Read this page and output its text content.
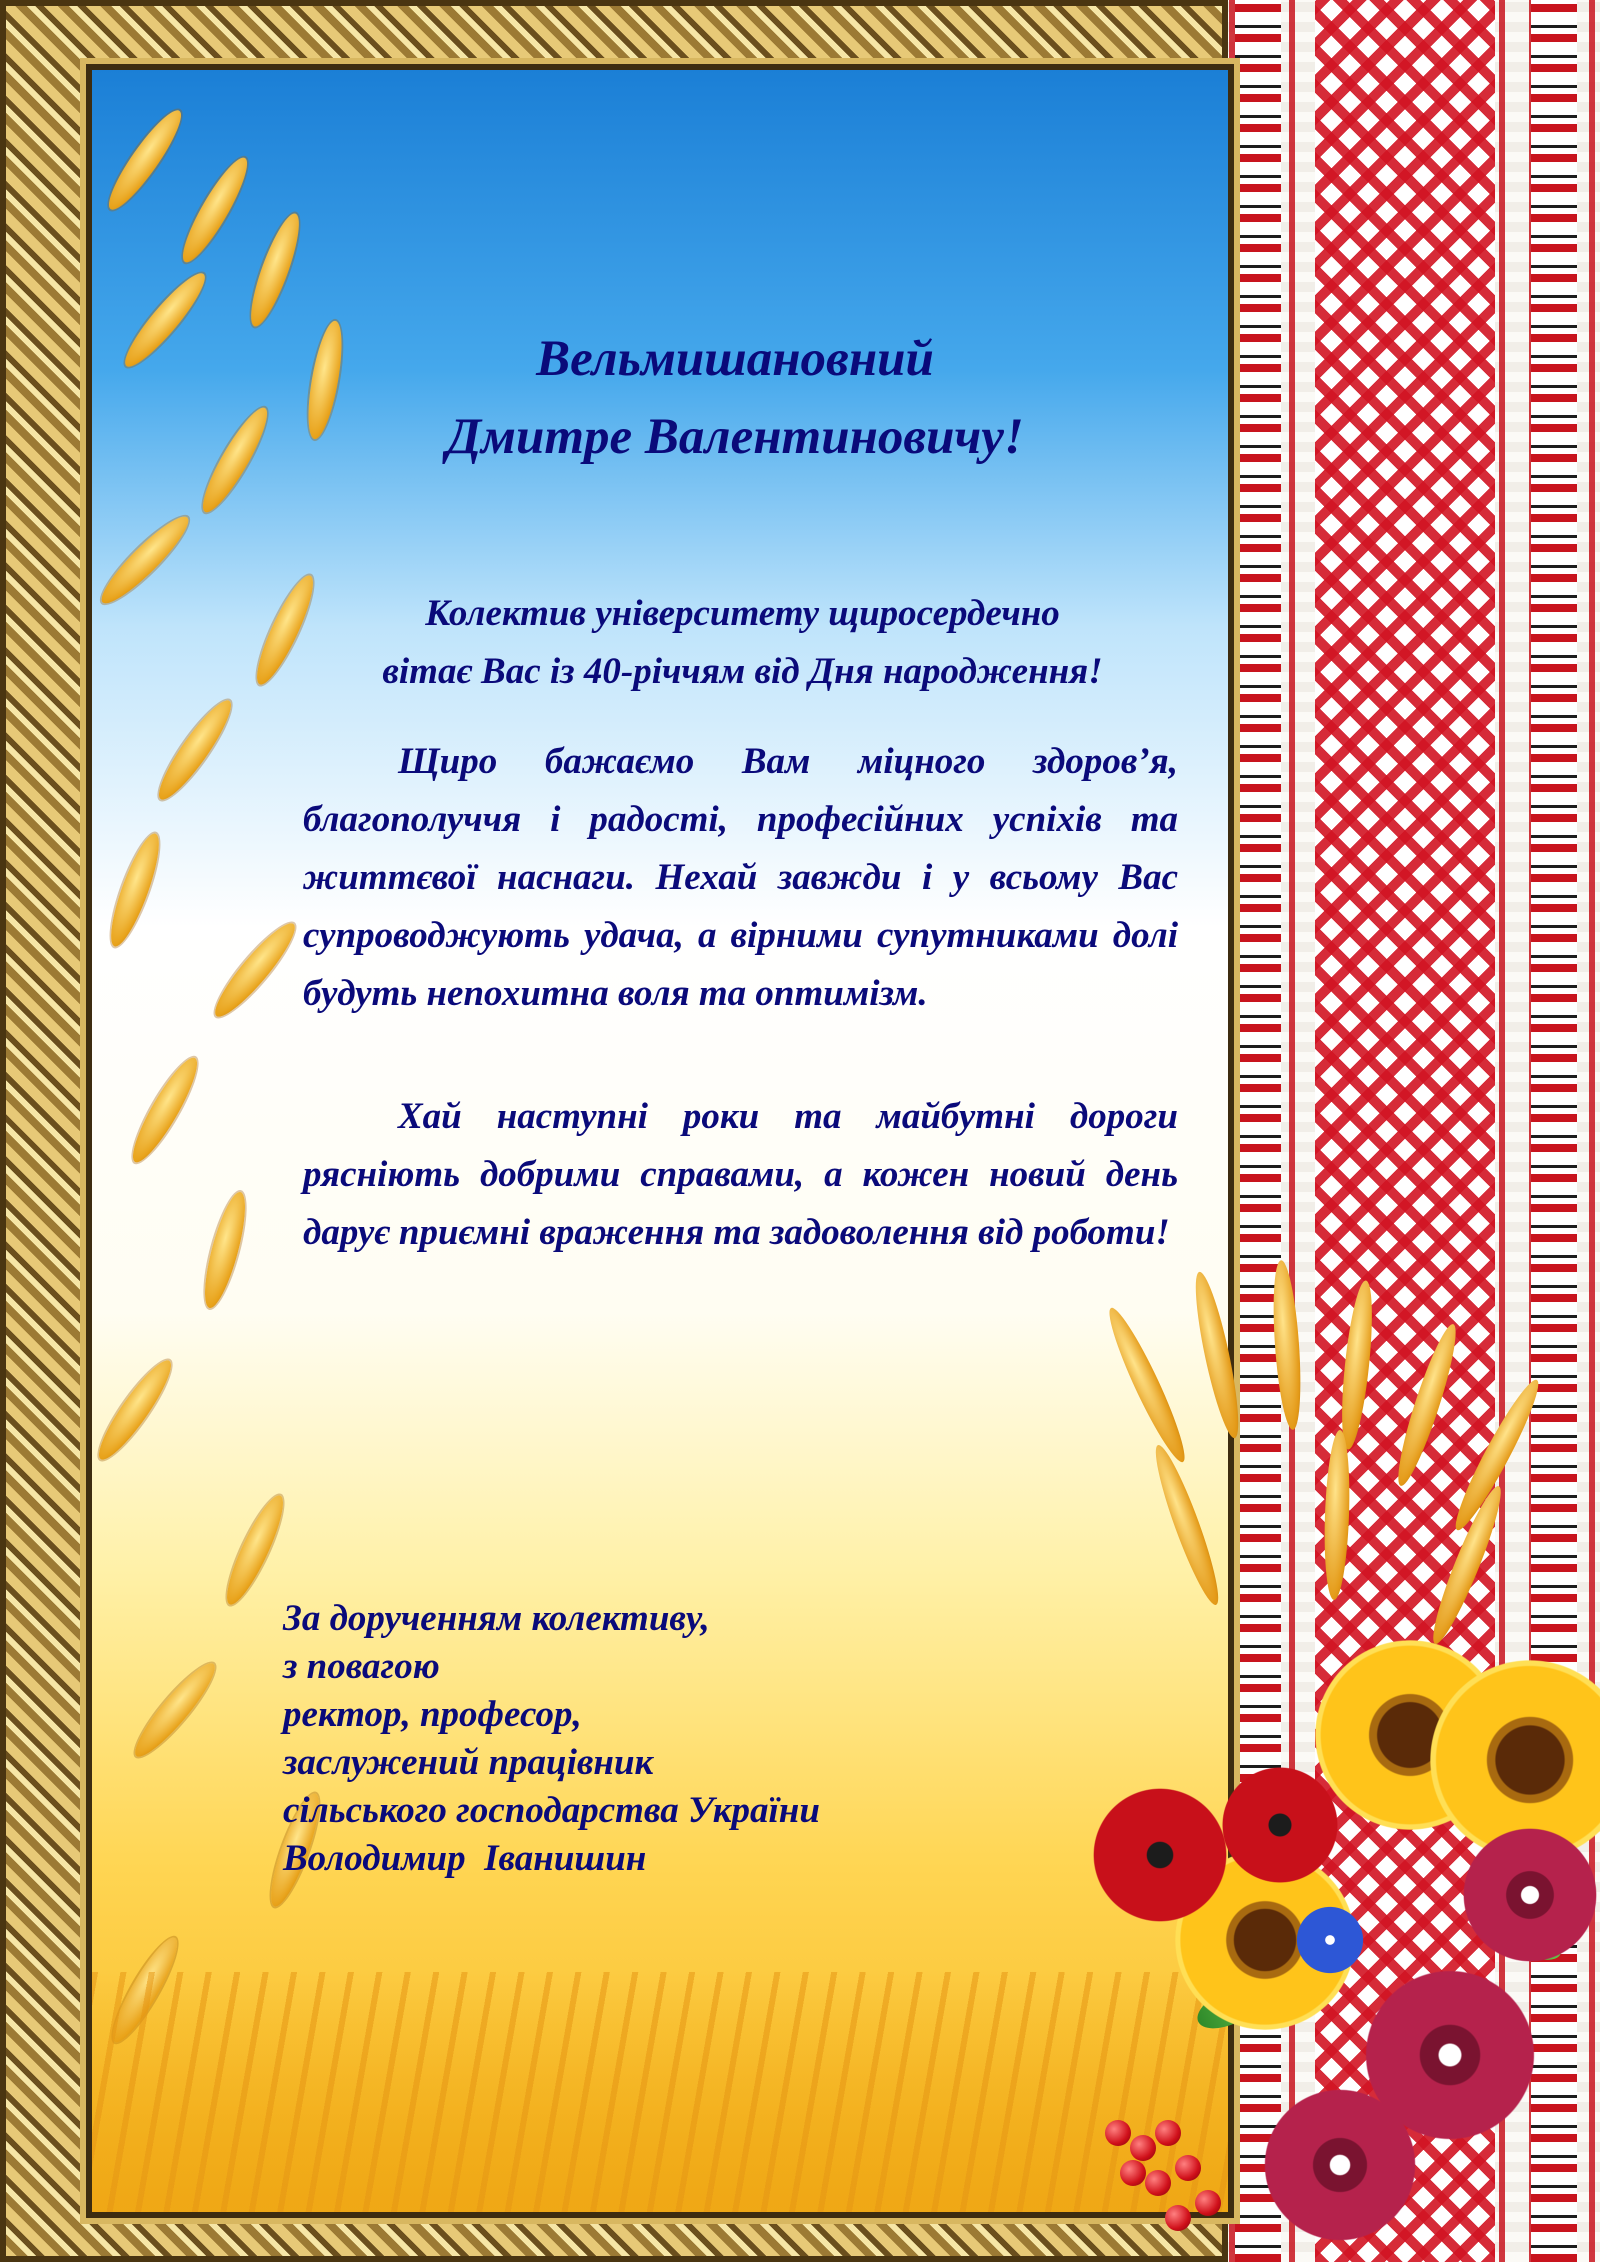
Вельмишановний
Дмитре Валентиновичу!
Колектив університету щиросердечно
вітає Вас із 40-річчям від Дня народження!

Щиро бажаємо Вам міцного здоров’я, благополуччя і радості, професійних успіхів та життєвої наснаги. Нехай завжди і у всьому Вас супроводжують удача, а вірними супутниками долі будуть непохитна воля та оптимізм.

Хай наступні роки та майбутні дороги рясніють добрими справами, а кожен новий день дарує приємні враження та задоволення від роботи!

За дорученням колективу,
з повагою
ректор, професор,
заслужений працівник
сільського господарства України
Володимир  Іванишин
